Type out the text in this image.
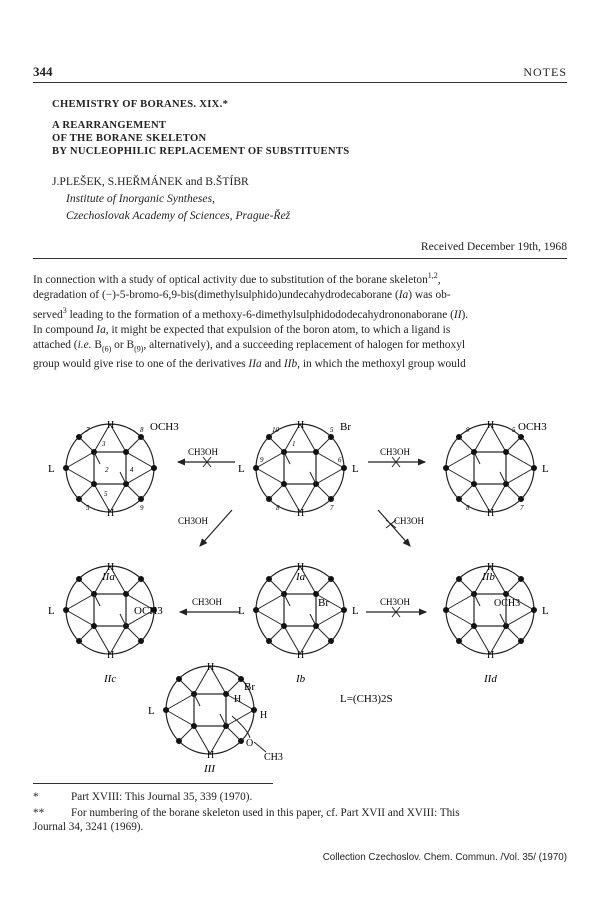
344	NOTES
CHEMISTRY OF BORANES. XIX.*
A REARRANGEMENT
OF THE BORANE SKELETON
BY NUCLEOPHILIC REPLACEMENT OF SUBSTITUENTS
J.PLEŠEK, S.HEŘMÁNEK and B.ŠTÍBR
Institute of Inorganic Syntheses,
Czechoslovak Academy of Sciences, Prague-Řež
Received December 19th, 1968

In connection with a study of optical activity due to substitution of the borane skeleton$^{1,2}$,

degradation of (−)-5-bromo-6,9-bis(dimethylsulphido)undecahydrodecaborane (Ia) was ob-

served$^3$ leading to the formation of a methoxy-6-dimethylsulphidododecahydrononaborane (II).

In compound Ia, it might be expected that expulsion of the boron atom, to which a ligand is

attached (i.e. $B_{(6)}$ or $B_{(9)}$, alternatively), and a succeeding replacement of halogen for methoxyl

group would give rise to one of the derivatives IIa and IIb, in which the methoxyl group would

H
H
OCH3
L
7	8
3
2	4
5
5	9
IIa
H
H
Br
L	L
10	5
1
9	6
8	7
Ia
H
H
OCH3
L
9	5
8	7
IIb
CH3OH	CH3OH
CH3OH	CH3OH
H
H
OCH3
L
IIc
H
H
Br
L	L
Ib
H
H
OCH3
L
IId
CH3OH	CH3OH
H
H
Br
L
H
H
O
CH3
III
L=(CH3)2S
*	Part XVIII: This Journal 35, 339 (1970).
** For numbering of the borane skeleton used in this paper, cf. Part XVII and XVIII: This
Journal 34, 3241 (1969).
Collection Czechoslov. Chem. Commun. /Vol. 35/ (1970)
